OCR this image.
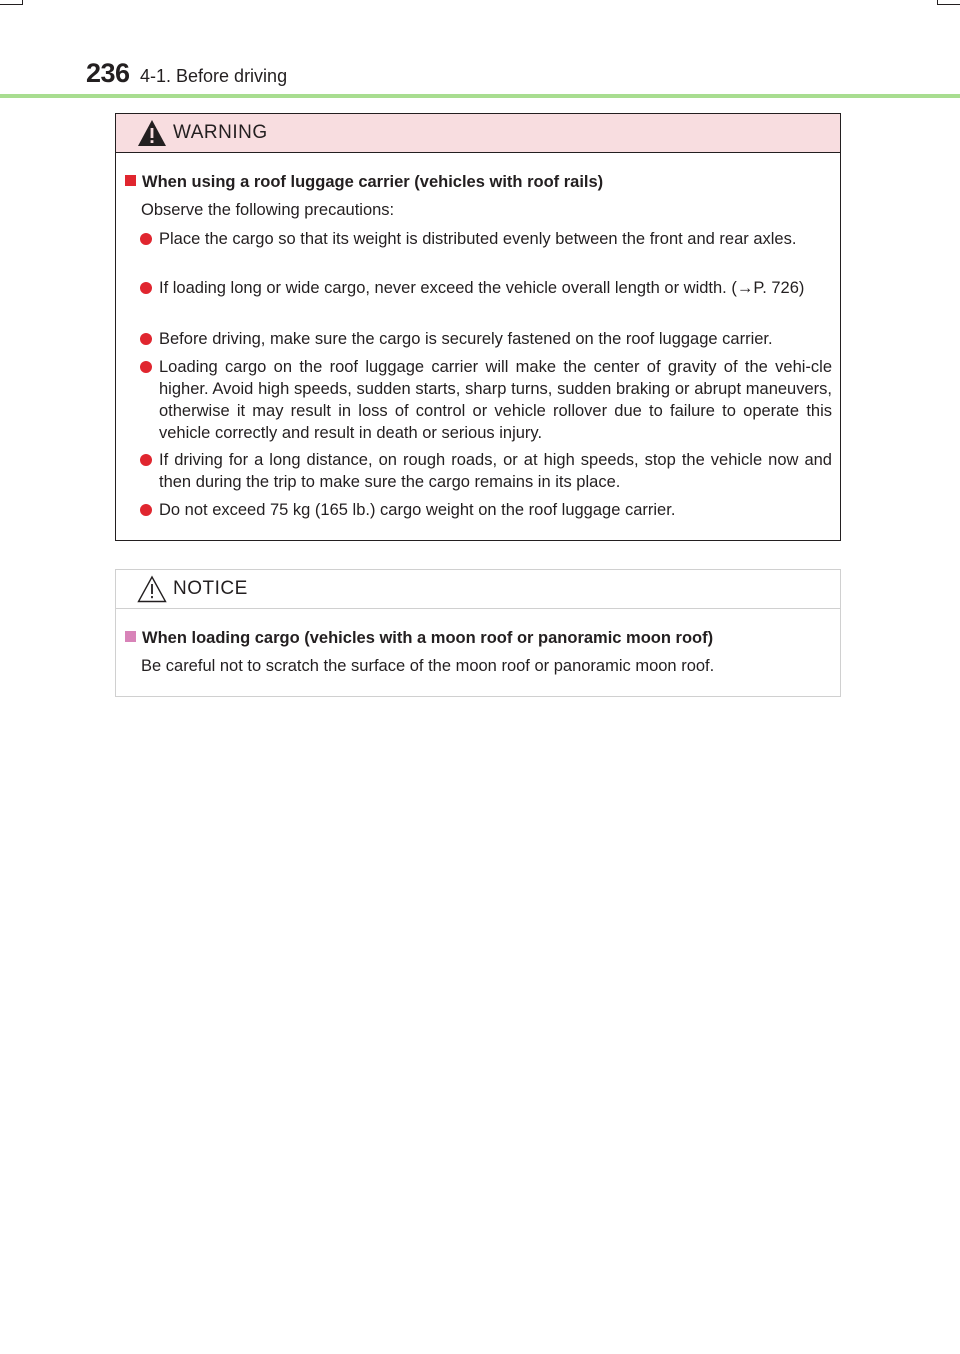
236 4-1. Before driving
WARNING
When using a roof luggage carrier (vehicles with roof rails)
Observe the following precautions:
Place the cargo so that its weight is distributed evenly between the front and rear axles.
If loading long or wide cargo, never exceed the vehicle overall length or width. (→P. 726)
Before driving, make sure the cargo is securely fastened on the roof luggage carrier.
Loading cargo on the roof luggage carrier will make the center of gravity of the vehi-cle higher. Avoid high speeds, sudden starts, sharp turns, sudden braking or abrupt maneuvers, otherwise it may result in loss of control or vehicle rollover due to failure to operate this vehicle correctly and result in death or serious injury.
If driving for a long distance, on rough roads, or at high speeds, stop the vehicle now and then during the trip to make sure the cargo remains in its place.
Do not exceed 75 kg (165 lb.) cargo weight on the roof luggage carrier.
NOTICE
When loading cargo (vehicles with a moon roof or panoramic moon roof)
Be careful not to scratch the surface of the moon roof or panoramic moon roof.
